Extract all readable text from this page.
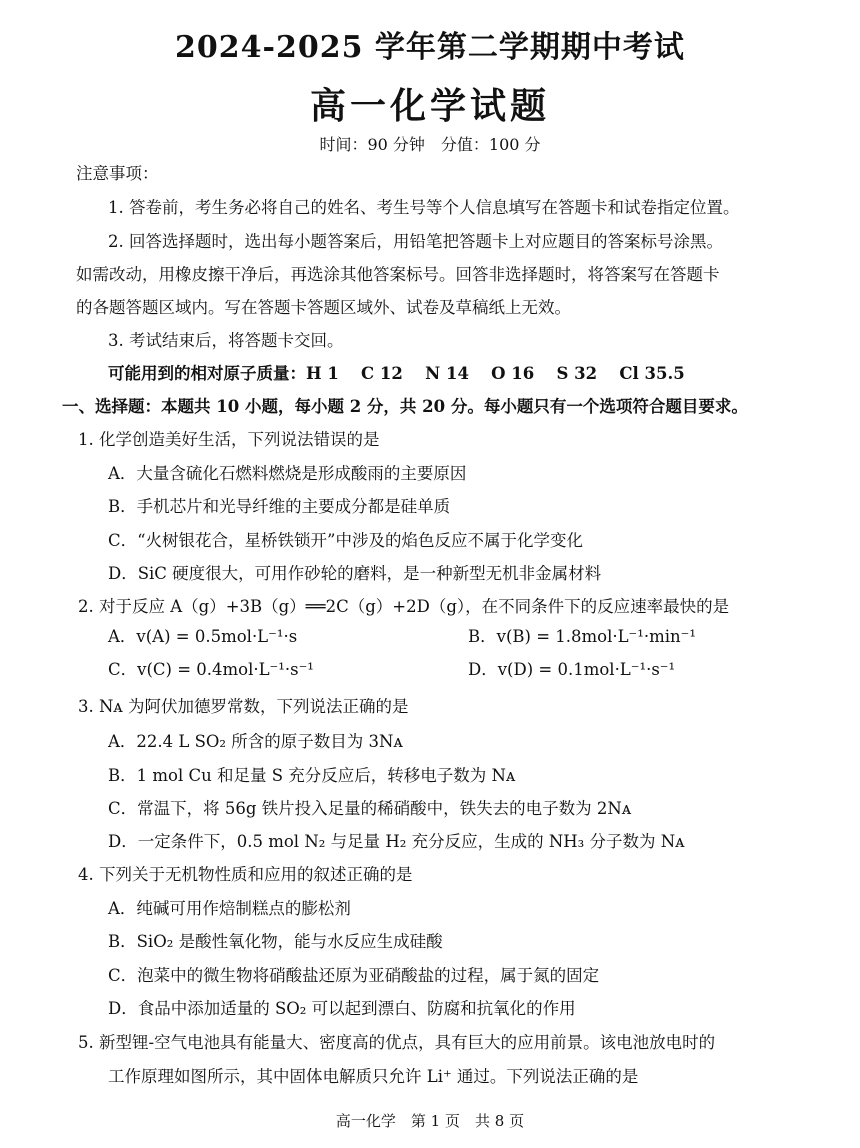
2024-2025 学年第二学期期中考试
高一化学试题
时间：90 分钟　分值：100 分
注意事项：
1. 答卷前，考生务必将自己的姓名、考生号等个人信息填写在答题卡和试卷指定位置。
2. 回答选择题时，选出每小题答案后，用铅笔把答题卡上对应题目的答案标号涂黑。
如需改动，用橡皮擦干净后，再选涂其他答案标号。回答非选择题时，将答案写在答题卡
的各题答题区域内。写在答题卡答题区域外、试卷及草稿纸上无效。
3. 考试结束后，将答题卡交回。
可能用到的相对原子质量：H 1　 C 12　 N 14　 O 16　 S 32　 Cl 35.5
一、选择题：本题共 10 小题，每小题 2 分，共 20 分。每小题只有一个选项符合题目要求。
1. 化学创造美好生活，下列说法错误的是
A．大量含硫化石燃料燃烧是形成酸雨的主要原因
B．手机芯片和光导纤维的主要成分都是硅单质
C．“火树银花合，星桥铁锁开”中涉及的焰色反应不属于化学变化
D．SiC 硬度很大，可用作砂轮的磨料，是一种新型无机非金属材料
2. 对于反应 A（g）+3B（g）══2C（g）+2D（g），在不同条件下的反应速率最快的是
A．v(A) = 0.5mol·L⁻¹·s	B．v(B) = 1.8mol·L⁻¹·min⁻¹
C．v(C) = 0.4mol·L⁻¹·s⁻¹	D．v(D) = 0.1mol·L⁻¹·s⁻¹
3. Nᴀ 为阿伏加德罗常数，下列说法正确的是
A．22.4 L SO₂ 所含的原子数目为 3Nᴀ
B．1 mol Cu 和足量 S 充分反应后，转移电子数为 Nᴀ
C．常温下，将 56g 铁片投入足量的稀硝酸中，铁失去的电子数为 2Nᴀ
D．一定条件下，0.5 mol N₂ 与足量 H₂ 充分反应，生成的 NH₃ 分子数为 Nᴀ
4. 下列关于无机物性质和应用的叙述正确的是
A．纯碱可用作焙制糕点的膨松剂
B．SiO₂ 是酸性氧化物，能与水反应生成硅酸
C．泡菜中的微生物将硝酸盐还原为亚硝酸盐的过程，属于氮的固定
D．食品中添加适量的 SO₂ 可以起到漂白、防腐和抗氧化的作用
5. 新型锂-空气电池具有能量大、密度高的优点，具有巨大的应用前景。该电池放电时的
工作原理如图所示，其中固体电解质只允许 Li⁺ 通过。下列说法正确的是
高一化学　第 1 页　共 8 页
